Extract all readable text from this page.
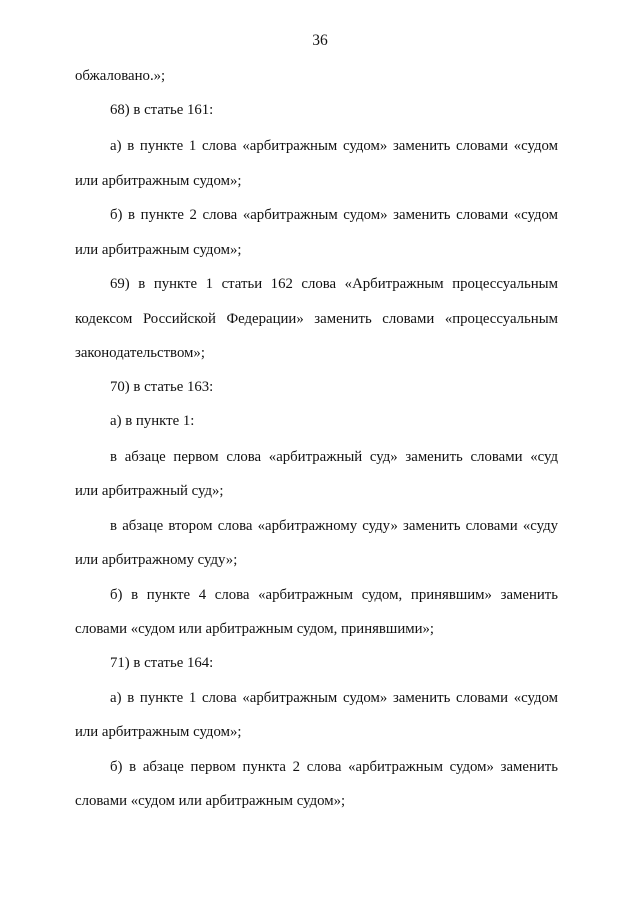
36
обжаловано.»;
68) в статье 161:
а) в пункте 1 слова «арбитражным судом» заменить словами «судом
или арбитражным судом»;
б) в пункте 2 слова «арбитражным судом» заменить словами «судом
или арбитражным судом»;
69) в пункте 1 статьи 162 слова «Арбитражным процессуальным
кодексом Российской Федерации» заменить словами «процессуальным
законодательством»;
70) в статье 163:
а) в пункте 1:
в абзаце первом слова «арбитражный суд» заменить словами «суд
или арбитражный суд»;
в абзаце втором слова «арбитражному суду» заменить словами «суду
или арбитражному суду»;
б) в пункте 4 слова «арбитражным судом, принявшим» заменить
словами «судом или арбитражным судом, принявшими»;
71) в статье 164:
а) в пункте 1 слова «арбитражным судом» заменить словами «судом
или арбитражным судом»;
б) в абзаце первом пункта 2 слова «арбитражным судом» заменить
словами «судом или арбитражным судом»;
